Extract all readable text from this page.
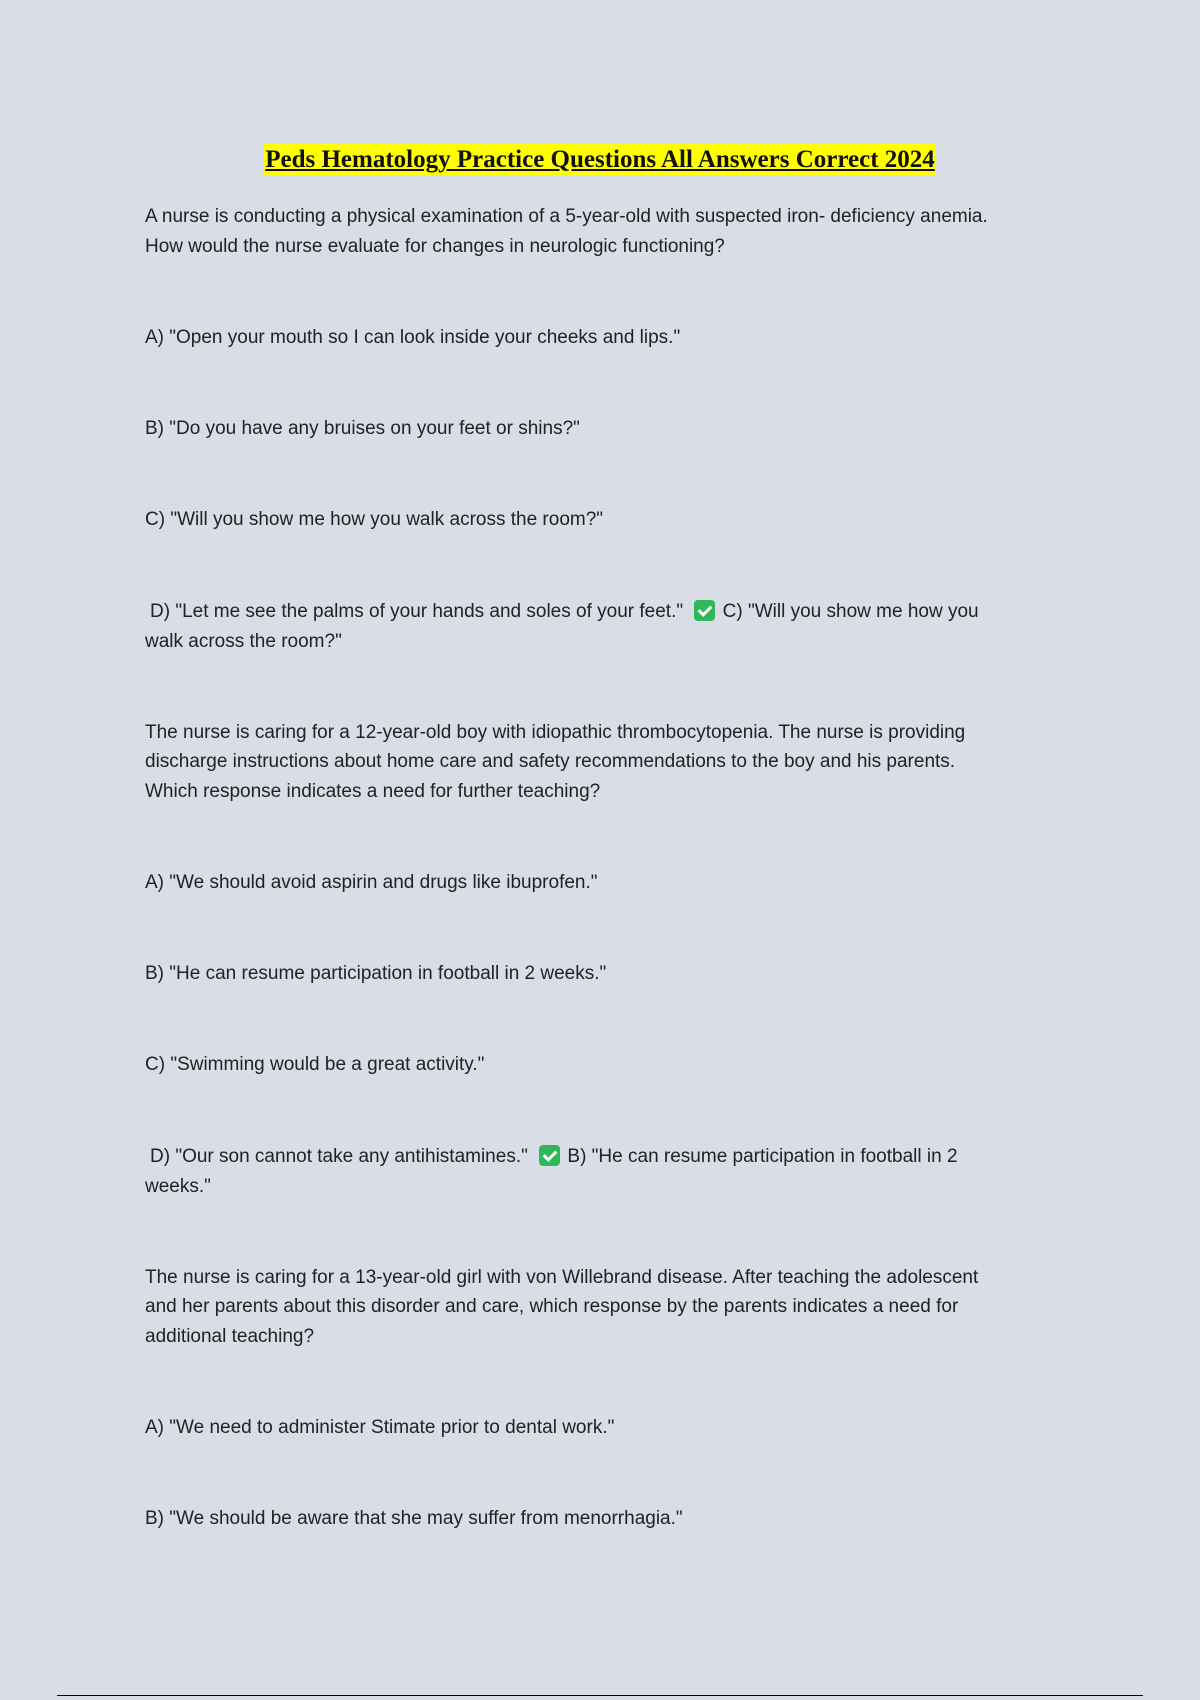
Peds Hematology Practice Questions All Answers Correct 2024
A nurse is conducting a physical examination of a 5-year-old with suspected iron- deficiency anemia.
How would the nurse evaluate for changes in neurologic functioning?
A) "Open your mouth so I can look inside your cheeks and lips."
B) "Do you have any bruises on your feet or shins?"
C) "Will you show me how you walk across the room?"
D) "Let me see the palms of your hands and soles of your feet." C) "Will you show me how you
walk across the room?"
The nurse is caring for a 12-year-old boy with idiopathic thrombocytopenia. The nurse is providing
discharge instructions about home care and safety recommendations to the boy and his parents.
Which response indicates a need for further teaching?
A) "We should avoid aspirin and drugs like ibuprofen."
B) "He can resume participation in football in 2 weeks."
C) "Swimming would be a great activity."
D) "Our son cannot take any antihistamines." B) "He can resume participation in football in 2
weeks."
The nurse is caring for a 13-year-old girl with von Willebrand disease. After teaching the adolescent
and her parents about this disorder and care, which response by the parents indicates a need for
additional teaching?
A) "We need to administer Stimate prior to dental work."
B) "We should be aware that she may suffer from menorrhagia."
